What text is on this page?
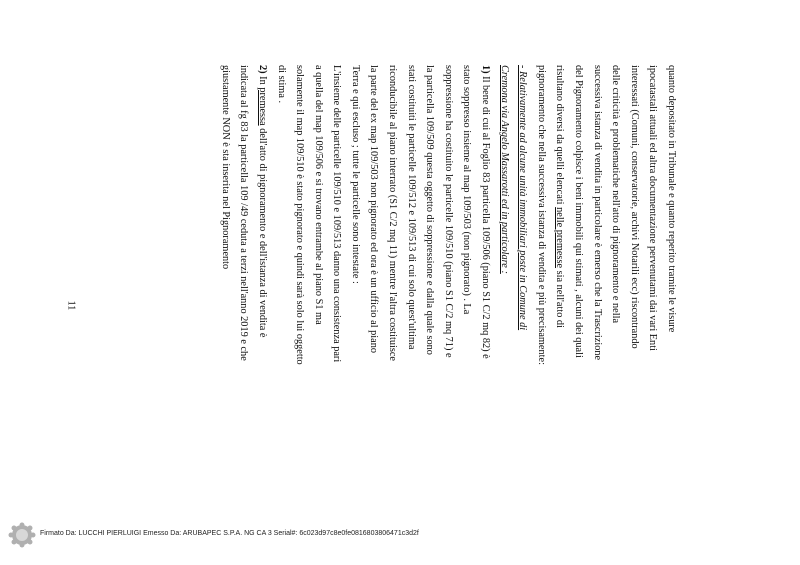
quanto depositato in Tribunale e quanto reperito tramite le visure
ipocatastali attuali ed altra documentazione pervenutami dai vari Enti
interessati (Comuni, conservatorie, archivi Notarili ecc) riscontrando
delle criticità e problematiche nell'atto di pignoramento e nella
successiva istanza di vendita in particolare è emerso che la Trascrizione
del Pignoramento colpisce i beni immobili qui stimati , alcuni dei quali
risultano diversi da quelli elencati nelle premesse sia nell'atto di
pignoramento che nella successiva istanza di vendita e più precisamente:
- Relativamente ad alcune unità immobiliari poste in Comune di
Cremona via Angelo Massarotti ed in particolare :
1) Il bene di cui al Foglio 83 particella 109/506 (piano S1 C/2 mq 82) è
stato soppresso insieme al map 109/503 (non pignorato) . La
soppressione ha costituito le particelle 109/510 (piano S1 C/2 mq 71) e
la particella 109/509 questa oggetto di soppressione e dalla quale sono
stati costituiti le particelle 109/512 e 109/513 di cui solo quest'ultima
riconducibile al piano interrato (S1 C/2 mq 11) mentre l'altra costituisce
la parte del ex map 109/503 non pignorato ed ora è un ufficio al piano
Terra e qui escluso ; tutte le particelle sono intestate :
L'insieme delle particelle 109/510 e 109/513 danno una consistenza pari
a quella del map 109/506 e si trovano entrambe al piano S1 ma
solamente il map 109/510 è stato pignorato e quindi sarà solo lui oggetto
di stima .
2) In premessa dell'atto di pignoramento e dell'istanza di vendita è
indicata al fg 83 la particella 109 /49 ceduta a terzi nell'anno 2019 e che
giustamente NON è sta inserita nel Pignoramento
11
Firmato Da: LUCCHI PIERLUIGI Emesso Da: ARUBAPEC S.P.A. NG CA 3 Serial#: 6c023d97c8e0fe0816803806471c3d2f
